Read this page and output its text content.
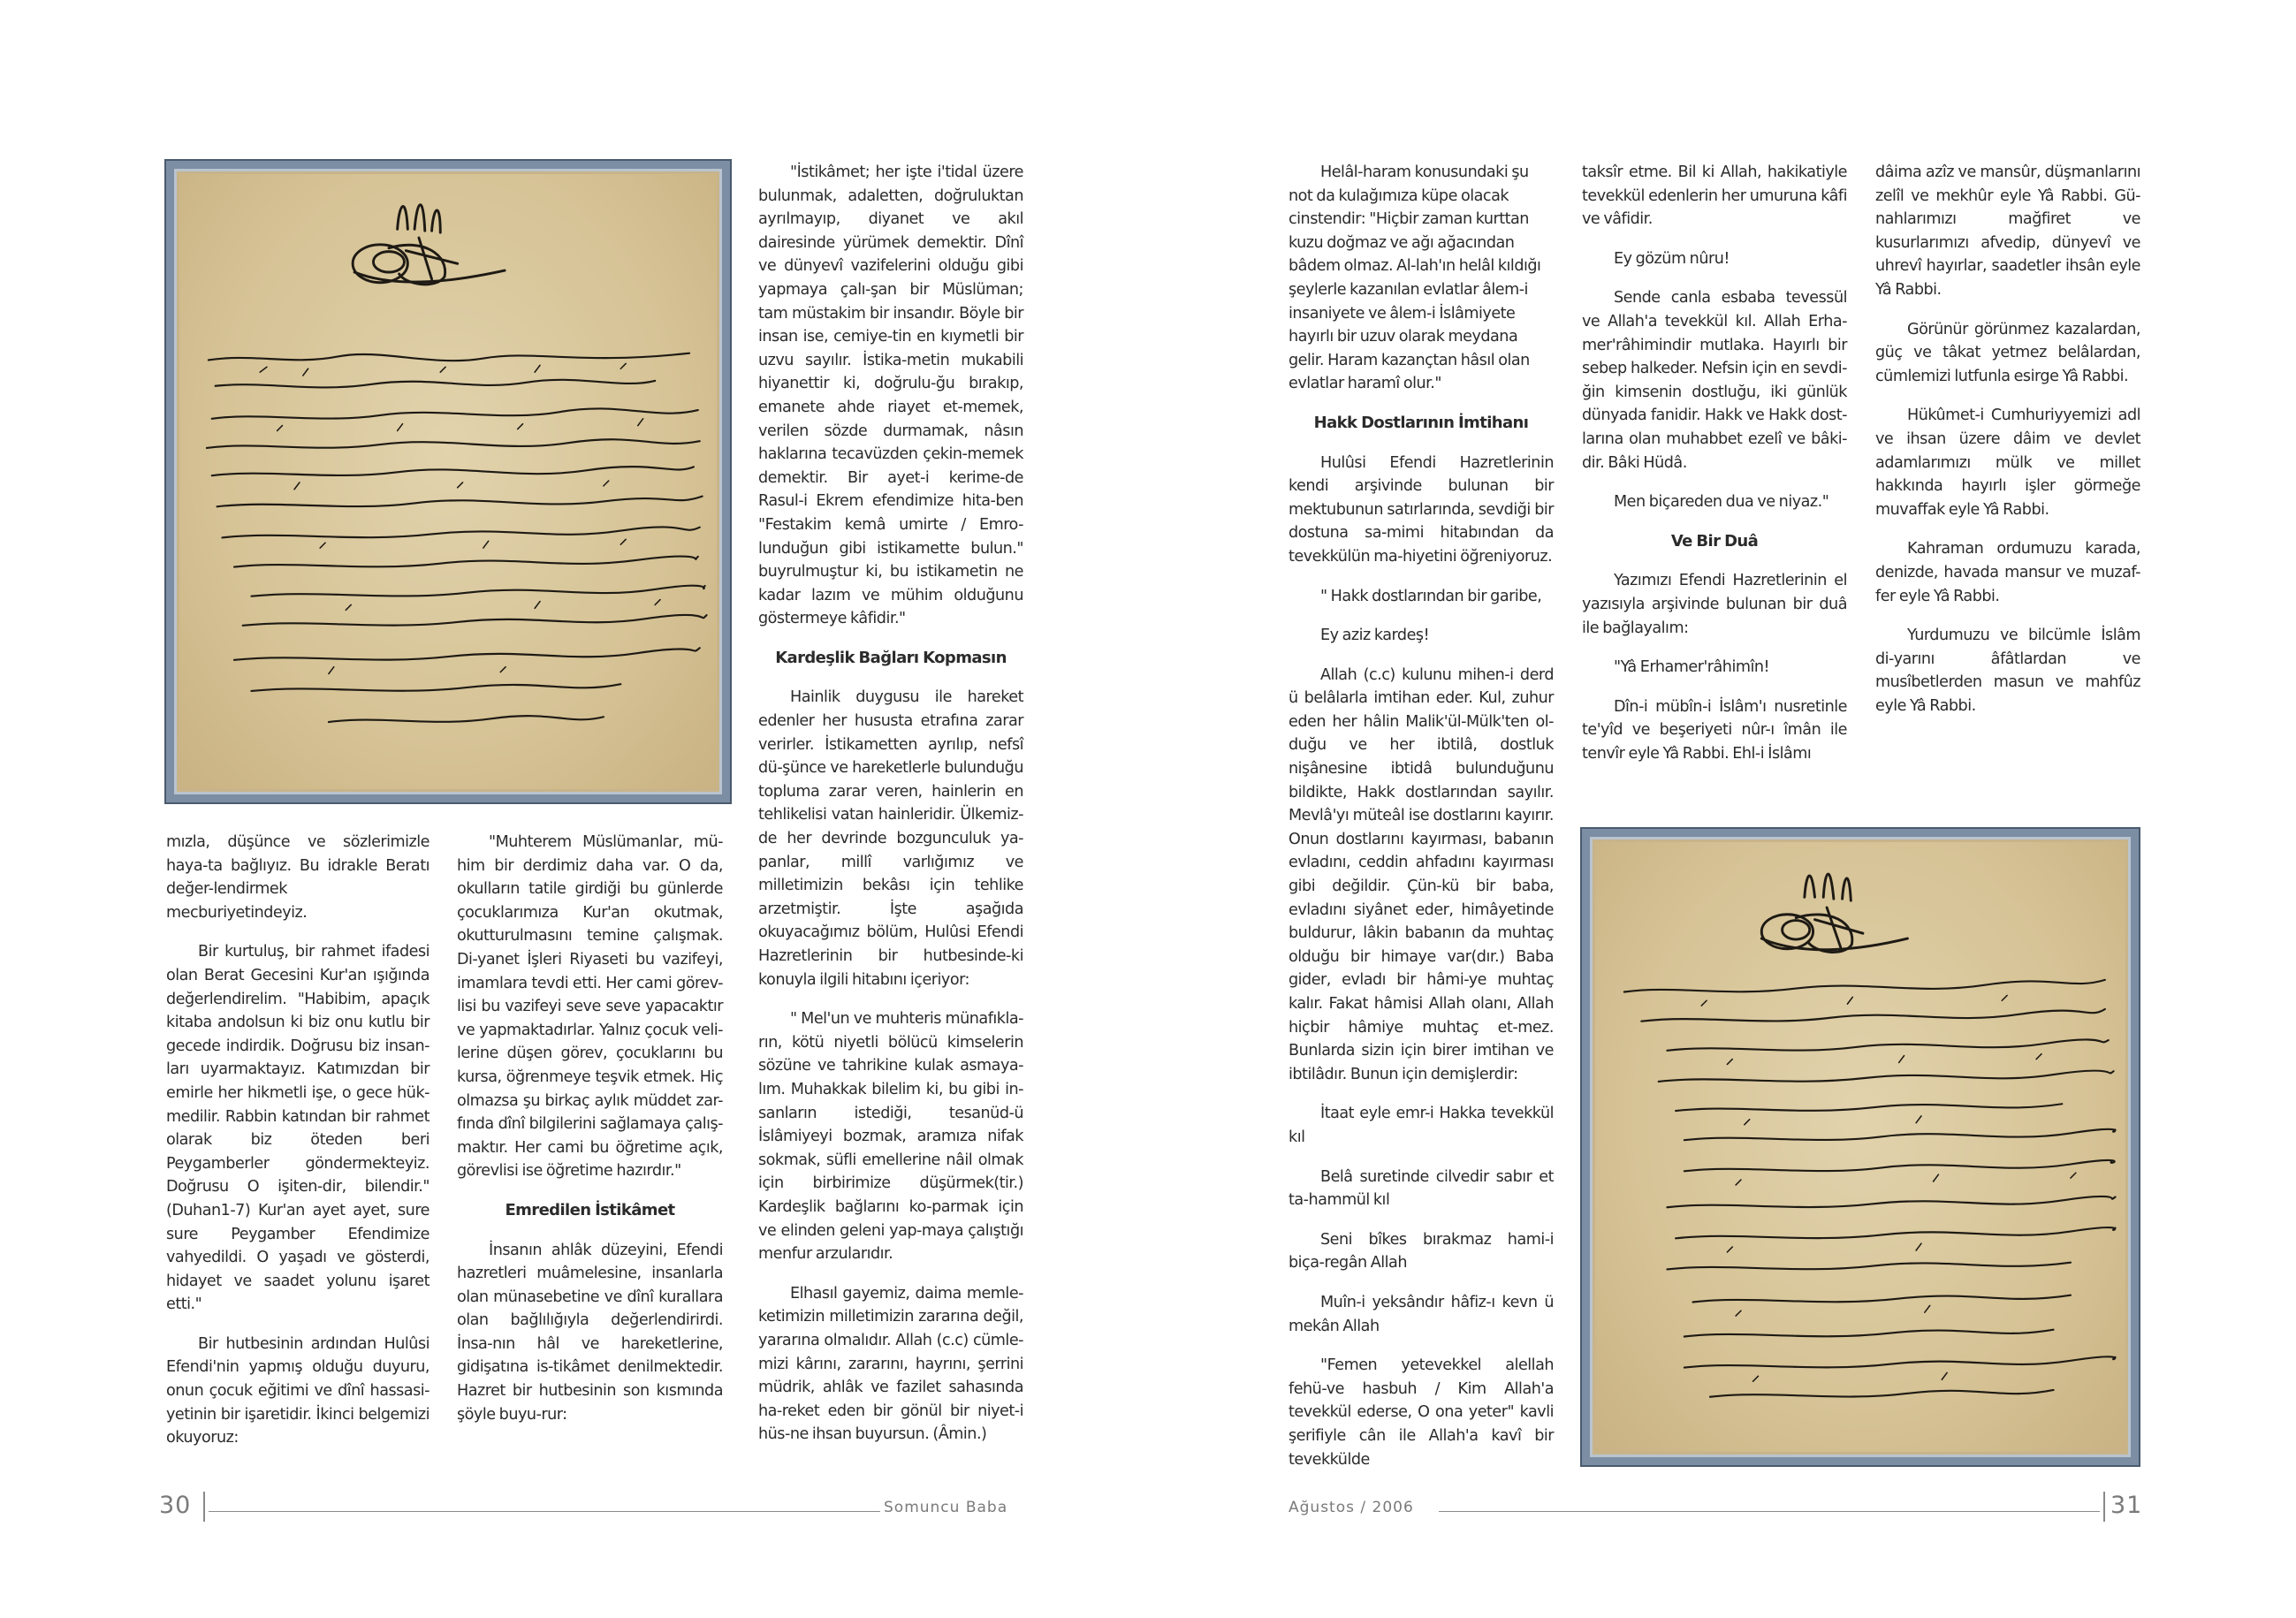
mızla, düşünce ve sözlerimizle haya-ta bağlıyız. Bu idrakle Beratı değer-lendirmek mecburiyetindeyiz.

Bir kurtuluş, bir rahmet ifadesi olan Berat Gecesini Kur'an ışığında değerlendirelim. "Habibim, apaçık kitaba andolsun ki biz onu kutlu bir gecede indirdik. Doğrusu biz insan-ları uyarmaktayız. Katımızdan bir emirle her hikmetli işe, o gece hük-medilir. Rabbin katından bir rahmet olarak biz öteden beri Peygamberler göndermekteyiz. Doğrusu O işiten-dir, bilendir." (Duhan1-7) Kur'an ayet ayet, sure sure Peygamber Efendimize vahyedildi. O yaşadı ve gösterdi, hidayet ve saadet yolunu işaret etti."

Bir hutbesinin ardından Hulûsi Efendi'nin yapmış olduğu duyuru, onun çocuk eğitimi ve dînî hassasi-yetinin bir işaretidir. İkinci belgemizi okuyoruz:

"Muhterem Müslümanlar, mü-him bir derdimiz daha var. O da, okulların tatile girdiği bu günlerde çocuklarımıza Kur'an okutmak, okutturulmasını temine çalışmak. Di-yanet İşleri Riyaseti bu vazifeyi, imamlara tevdi etti. Her cami görev-lisi bu vazifeyi seve seve yapacaktır ve yapmaktadırlar. Yalnız çocuk veli-lerine düşen görev, çocuklarını bu kursa, öğrenmeye teşvik etmek. Hiç olmazsa şu birkaç aylık müddet zar-fında dînî bilgilerini sağlamaya çalış-maktır. Her cami bu öğretime açık, görevlisi ise öğretime hazırdır."

Emredilen İstikâmet

İnsanın ahlâk düzeyini, Efendi hazretleri muâmelesine, insanlarla olan münasebetine ve dînî kurallara olan bağlılığıyla değerlendirirdi. İnsa-nın hâl ve hareketlerine, gidişatına is-tikâmet denilmektedir. Hazret bir hutbesinin son kısmında şöyle buyu-rur:

"İstikâmet; her işte i'tidal üzere bulunmak, adaletten, doğruluktan ayrılmayıp, diyanet ve akıl dairesinde yürümek demektir. Dînî ve dünyevî vazifelerini olduğu gibi yapmaya çalı-şan bir Müslüman; tam müstakim bir insandır. Böyle bir insan ise, cemiye-tin en kıymetli bir uzvu sayılır. İstika-metin mukabili hiyanettir ki, doğrulu-ğu bırakıp, emanete ahde riayet et-memek, verilen sözde durmamak, nâsın haklarına tecavüzden çekin-memek demektir. Bir ayet-i kerime-de Rasul-i Ekrem efendimize hita-ben "Festakim kemâ umirte / Emro-lunduğun gibi istikamette bulun." buyrulmuştur ki, bu istikametin ne kadar lazım ve mühim olduğunu göstermeye kâfidir."

Kardeşlik Bağları Kopmasın

Hainlik duygusu ile hareket edenler her hususta etrafına zarar verirler. İstikametten ayrılıp, nefsî dü-şünce ve hareketlerle bulunduğu topluma zarar veren, hainlerin en tehlikelisi vatan hainleridir. Ülkemiz-de her devrinde bozgunculuk ya-panlar, millî varlığımız ve milletimizin bekâsı için tehlike arzetmiştir. İşte aşağıda okuyacağımız bölüm, Hulûsi Efendi Hazretlerinin bir hutbesinde-ki konuyla ilgili hitabını içeriyor:

" Mel'un ve muhteris münafıkla-rın, kötü niyetli bölücü kimselerin sözüne ve tahrikine kulak asmaya-lım. Muhakkak bilelim ki, bu gibi in-sanların istediği, tesanüd-ü İslâmiyeyi bozmak, aramıza nifak sokmak, süfli emellerine nâil olmak için birbirimize düşürmek(tir.) Kardeşlik bağlarını ko-parmak için ve elinden geleni yap-maya çalıştığı menfur arzularıdır.

Elhasıl gayemiz, daima memle-ketimizin milletimizin zararına değil, yararına olmalıdır. Allah (c.c) cümle-mizi kârını, zararını, hayrını, şerrini müdrik, ahlâk ve fazilet sahasında ha-reket eden bir gönül bir niyet-i hüs-ne ihsan buyursun. (Âmin.)

30	Somuncu Baba

Helâl-haram konusundaki şu not da kulağımıza küpe olacak cinstendir: "Hiçbir zaman kurttan kuzu doğmaz ve ağı ağacından bâdem olmaz. Al-lah'ın helâl kıldığı şeylerle kazanılan evlatlar âlem-i insaniyete ve âlem-i İslâmiyete hayırlı bir uzuv olarak meydana gelir. Haram kazançtan hâsıl olan evlatlar haramî olur."

Hakk Dostlarının İmtihanı

Hulûsi Efendi Hazretlerinin kendi arşivinde bulunan bir mektubunun satırlarında, sevdiği bir dostuna sa-mimi hitabından da tevekkülün ma-hiyetini öğreniyoruz.

" Hakk dostlarından bir garibe,

Ey aziz kardeş!

Allah (c.c) kulunu mihen-i derd ü belâlarla imtihan eder. Kul, zuhur eden her hâlin Malik'ül-Mülk'ten ol-duğu ve her ibtilâ, dostluk nişânesine ibtidâ bulunduğunu bildikte, Hakk dostlarından sayılır. Mevlâ'yı müteâl ise dostlarını kayırır. Onun dostlarını kayırması, babanın evladını, ceddin ahfadını kayırması gibi değildir. Çün-kü bir baba, evladını siyânet eder, himâyetinde buldurur, lâkin babanın da muhtaç olduğu bir himaye var(dır.) Baba gider, evladı bir hâmi-ye muhtaç kalır. Fakat hâmisi Allah olanı, Allah hiçbir hâmiye muhtaç et-mez. Bunlarda sizin için birer imtihan ve ibtilâdır. Bunun için demişlerdir:

İtaat eyle emr-i Hakka tevekkül kıl

Belâ suretinde cilvedir sabır et ta-hammül kıl

Seni bîkes bırakmaz hami-i biça-regân Allah

Muîn-i yeksândır hâfiz-ı kevn ü mekân Allah

"Femen yetevekkel alellah fehü-ve hasbuh / Kim Allah'a tevekkül ederse, O ona yeter" kavli şerifiyle cân ile Allah'a kavî bir tevekkülde

taksîr etme. Bil ki Allah, hakikatiyle tevekkül edenlerin her umuruna kâfi ve vâfidir.

Ey gözüm nûru!

Sende canla esbaba tevessül ve Allah'a tevekkül kıl. Allah Erha-mer'râhimindir mutlaka. Hayırlı bir sebep halkeder. Nefsin için en sevdi-ğin kimsenin dostluğu, iki günlük dünyada fanidir. Hakk ve Hakk dost-larına olan muhabbet ezelî ve bâki-dir. Bâki Hüdâ.

Men biçareden dua ve niyaz."

Ve Bir Duâ

Yazımızı Efendi Hazretlerinin el yazısıyla arşivinde bulunan bir duâ ile bağlayalım:

"Yâ Erhamer'râhimîn!

Dîn-i mübîn-i İslâm'ı nusretinle te'yîd ve beşeriyeti nûr-ı îmân ile tenvîr eyle Yâ Rabbi. Ehl-i İslâmı

dâima azîz ve mansûr, düşmanlarını zelîl ve mekhûr eyle Yâ Rabbi. Gü-nahlarımızı mağfiret ve kusurlarımızı afvedip, dünyevî ve uhrevî hayırlar, saadetler ihsân eyle Yâ Rabbi.

Görünür görünmez kazalardan, güç ve tâkat yetmez belâlardan, cümlemizi lutfunla esirge Yâ Rabbi.

Hükûmet-i Cumhuriyyemizi adl ve ihsan üzere dâim ve devlet adamlarımızı mülk ve millet hakkında hayırlı işler görmeğe muvaffak eyle Yâ Rabbi.

Kahraman ordumuzu karada, denizde, havada mansur ve muzaf-fer eyle Yâ Rabbi.

Yurdumuzu ve bilcümle İslâm di-yarını âfâtlardan ve musîbetlerden masun ve mahfûz eyle Yâ Rabbi.

Ağustos / 2006	31
